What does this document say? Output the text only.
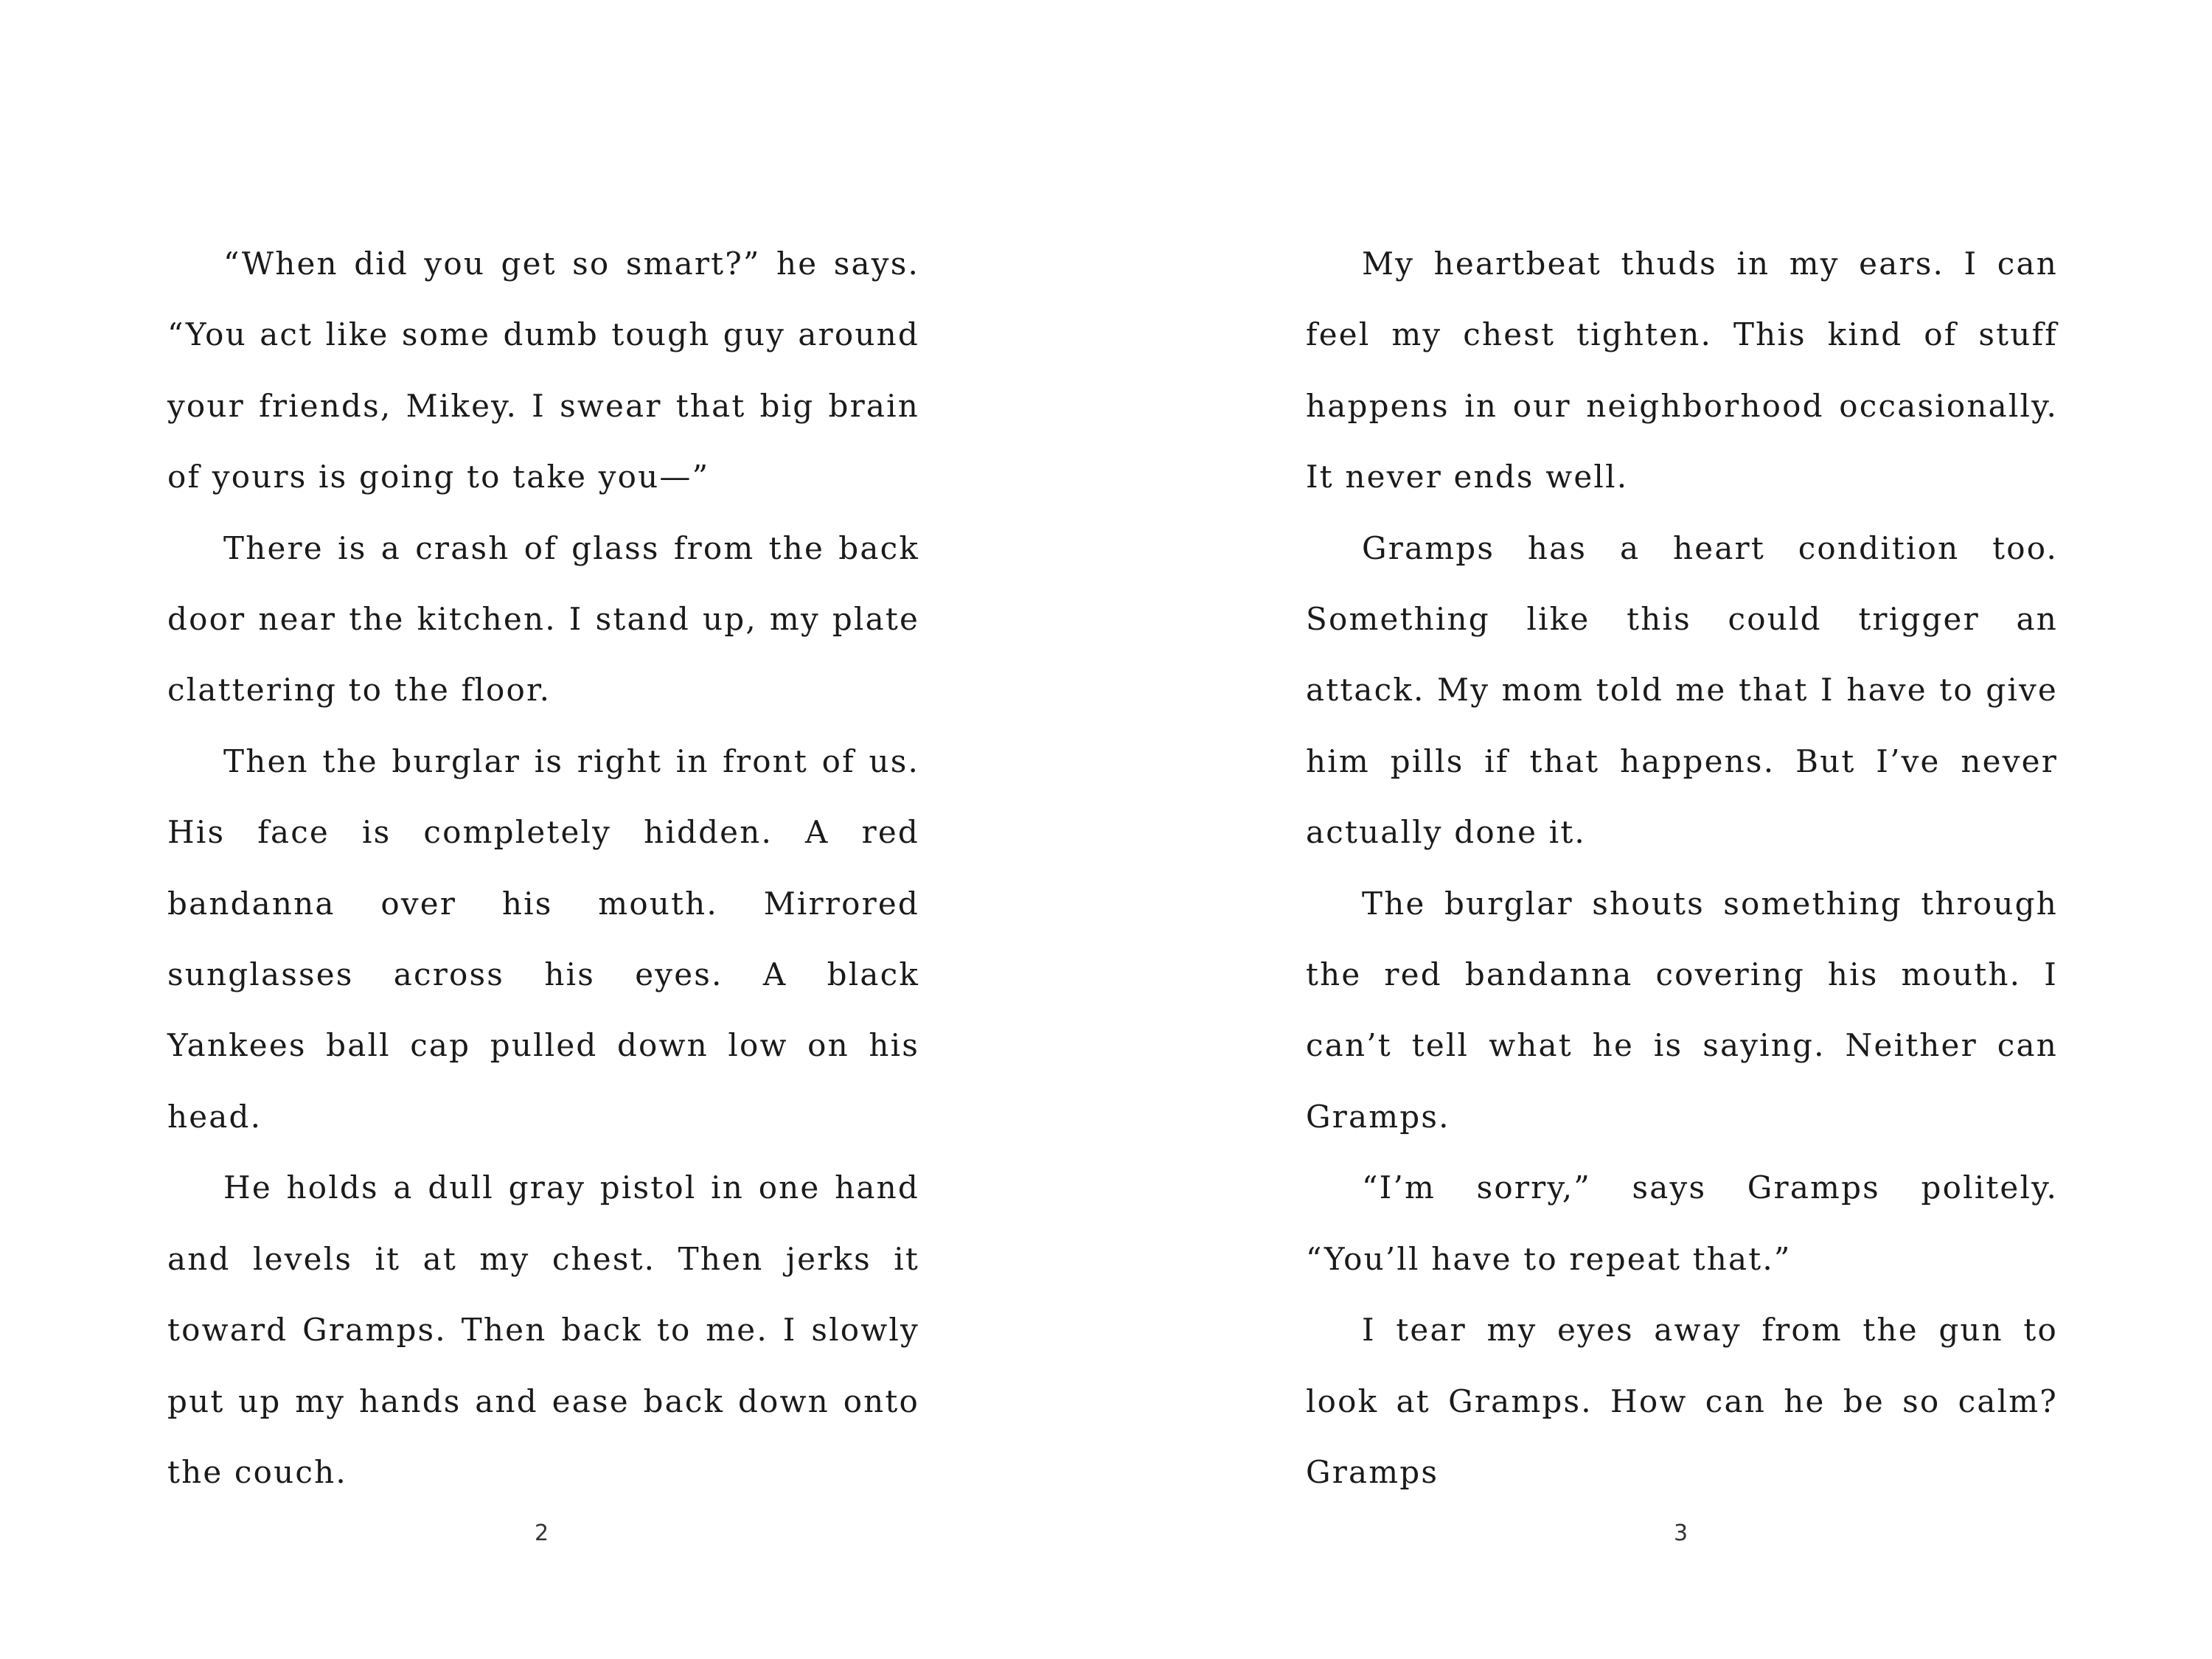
“When did you get so smart?” he says. “You act like some dumb tough guy around your friends, Mikey. I swear that big brain of yours is going to take you—”

There is a crash of glass from the back door near the kitchen. I stand up, my plate clattering to the floor.

Then the burglar is right in front of us. His face is completely hidden. A red bandanna over his mouth. Mirrored sunglasses across his eyes. A black Yankees ball cap pulled down low on his head.

He holds a dull gray pistol in one hand and levels it at my chest. Then jerks it toward Gramps. Then back to me. I slowly put up my hands and ease back down onto the couch.

2

My heartbeat thuds in my ears. I can feel my chest tighten. This kind of stuff happens in our neighborhood occasionally. It never ends well.

Gramps has a heart condition too. Something like this could trigger an attack. My mom told me that I have to give him pills if that happens. But I’ve never actually done it.

The burglar shouts something through the red bandanna covering his mouth. I can’t tell what he is saying. Neither can Gramps.

“I’m sorry,” says Gramps politely. “You’ll have to repeat that.”

I tear my eyes away from the gun to look at Gramps. How can he be so calm? Gramps

3
